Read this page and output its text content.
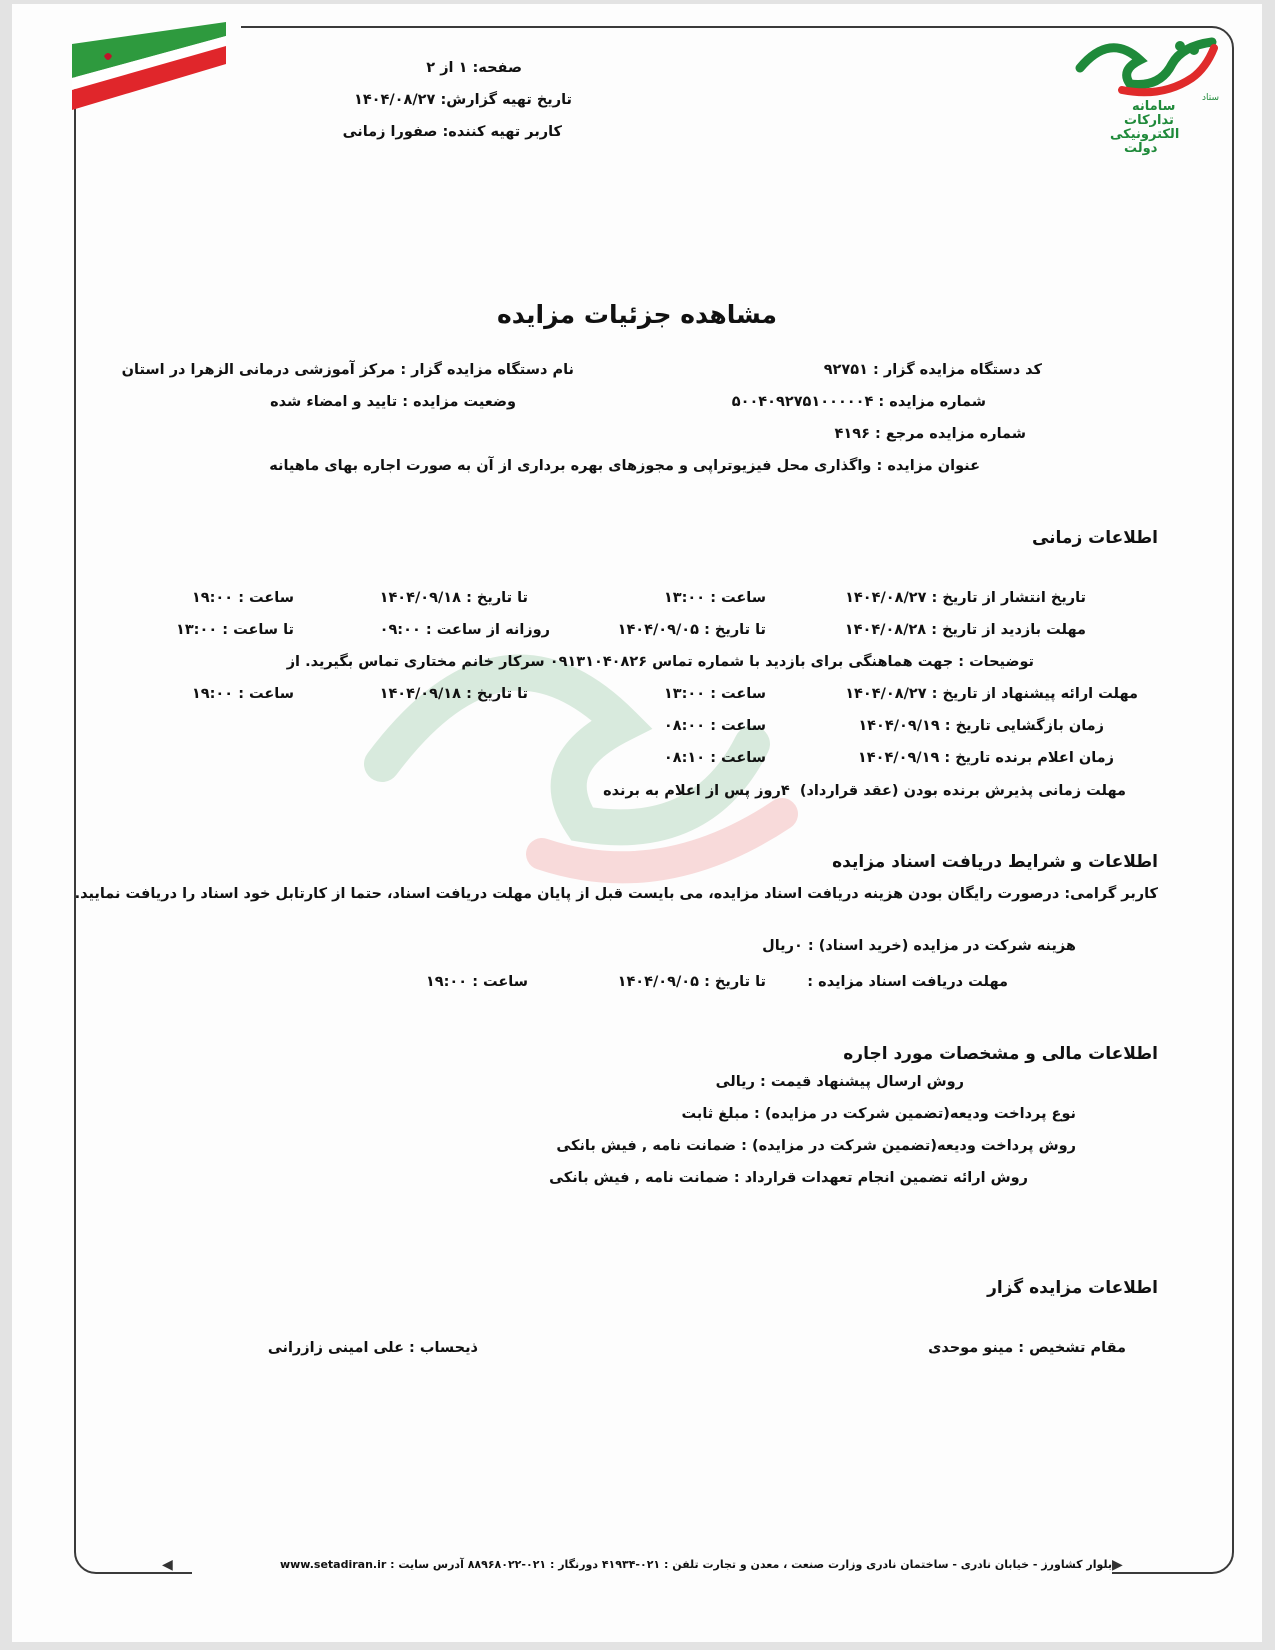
سامانه
تدارکات
الکترونیکی
دولت
ستاد
صفحه: ۱ از ۲
تاریخ تهیه گزارش: ۱۴۰۴/۰۸/۲۷
کاربر تهیه کننده: صفورا زمانی
مشاهده جزئیات مزایده
کد دستگاه مزایده گزار : ۹۲۷۵۱
نام دستگاه مزایده گزار : مرکز آموزشی درمانی الزهرا در استان
شماره مزایده : ۵۰۰۴۰۹۲۷۵۱۰۰۰۰۰۴
وضعیت مزایده : تایید و امضاء شده
شماره مزایده مرجع : ۴۱۹۶
عنوان مزایده : واگذاری محل فیزیوتراپی و مجوزهای بهره برداری از آن به صورت اجاره بهای ماهیانه
اطلاعات زمانی
تاریخ انتشار از تاریخ : ۱۴۰۴/۰۸/۲۷
ساعت : ۱۳:۰۰
تا تاریخ : ۱۴۰۴/۰۹/۱۸
ساعت : ۱۹:۰۰
مهلت بازدید از تاریخ : ۱۴۰۴/۰۸/۲۸
تا تاریخ : ۱۴۰۴/۰۹/۰۵
روزانه از ساعت : ۰۹:۰۰
تا ساعت : ۱۳:۰۰
توضیحات : جهت هماهنگی برای بازدید با شماره تماس ۰۹۱۳۱۰۴۰۸۲۶ سرکار خانم مختاری تماس بگیرید. از
مهلت ارائه پیشنهاد از تاریخ : ۱۴۰۴/۰۸/۲۷
ساعت : ۱۳:۰۰
تا تاریخ : ۱۴۰۴/۰۹/۱۸
ساعت : ۱۹:۰۰
زمان بازگشایی تاریخ : ۱۴۰۴/۰۹/۱۹
ساعت : ۰۸:۰۰
زمان اعلام برنده تاریخ : ۱۴۰۴/۰۹/۱۹
ساعت : ۰۸:۱۰
مهلت زمانی پذیرش برنده بودن (عقد قرارداد)  ۴روز پس از اعلام به برنده
اطلاعات و شرایط دریافت اسناد مزایده
کاربر گرامی: درصورت رایگان بودن هزینه دریافت اسناد مزایده، می بایست قبل از پایان مهلت دریافت اسناد، حتما از کارتابل خود اسناد را دریافت نمایید.
هزینه شرکت در مزایده (خرید اسناد) : ۰ریال
مهلت دریافت اسناد مزایده :
تا تاریخ : ۱۴۰۴/۰۹/۰۵
ساعت : ۱۹:۰۰
اطلاعات مالی و مشخصات مورد اجاره
روش ارسال پیشنهاد قیمت : ریالی
نوع پرداخت ودیعه(تضمین شرکت در مزایده) : مبلغ ثابت
روش پرداخت ودیعه(تضمین شرکت در مزایده) : ضمانت نامه , فیش بانکی
روش ارائه تضمین انجام تعهدات قرارداد : ضمانت نامه , فیش بانکی
اطلاعات مزایده گزار
مقام تشخیص : مینو موحدی
ذیحساب : علی امینی زازرانی
بلوار کشاورز - خیابان نادری - ساختمان نادری وزارت صنعت ، معدن و تجارت تلفن : ۰۲۱-۴۱۹۳۴ دورنگار : ۰۲۱-۸۸۹۶۸۰۲۲ آدرس سایت : www.setadiran.ir ▶
◀
